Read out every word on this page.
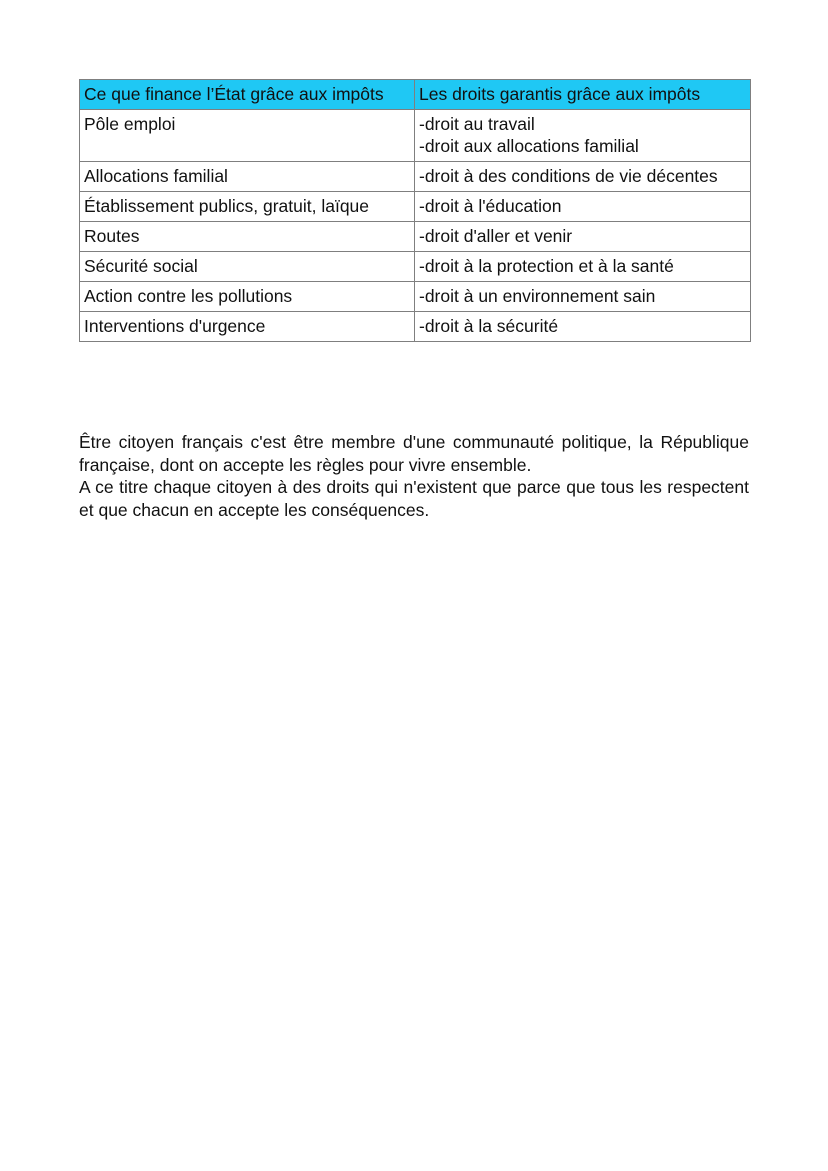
Ce que finance l’État grâce aux impôts	Les droits garantis grâce aux impôts
Pôle emploi	-droit au travail
-droit aux allocations familial

Allocations familial	-droit à des conditions de vie décentes
Établissement publics, gratuit, laïque	-droit à l'éducation
Routes	-droit d'aller et venir
Sécurité social	-droit à la protection et à la santé
Action contre les pollutions	-droit à un environnement sain
Interventions d'urgence	-droit à la sécurité

Être citoyen français c'est être membre d'une communauté politique, la République française, dont on accepte les règles pour vivre ensemble.

A ce titre chaque citoyen à des droits qui n'existent que parce que tous les respectent et que chacun en accepte les conséquences.
